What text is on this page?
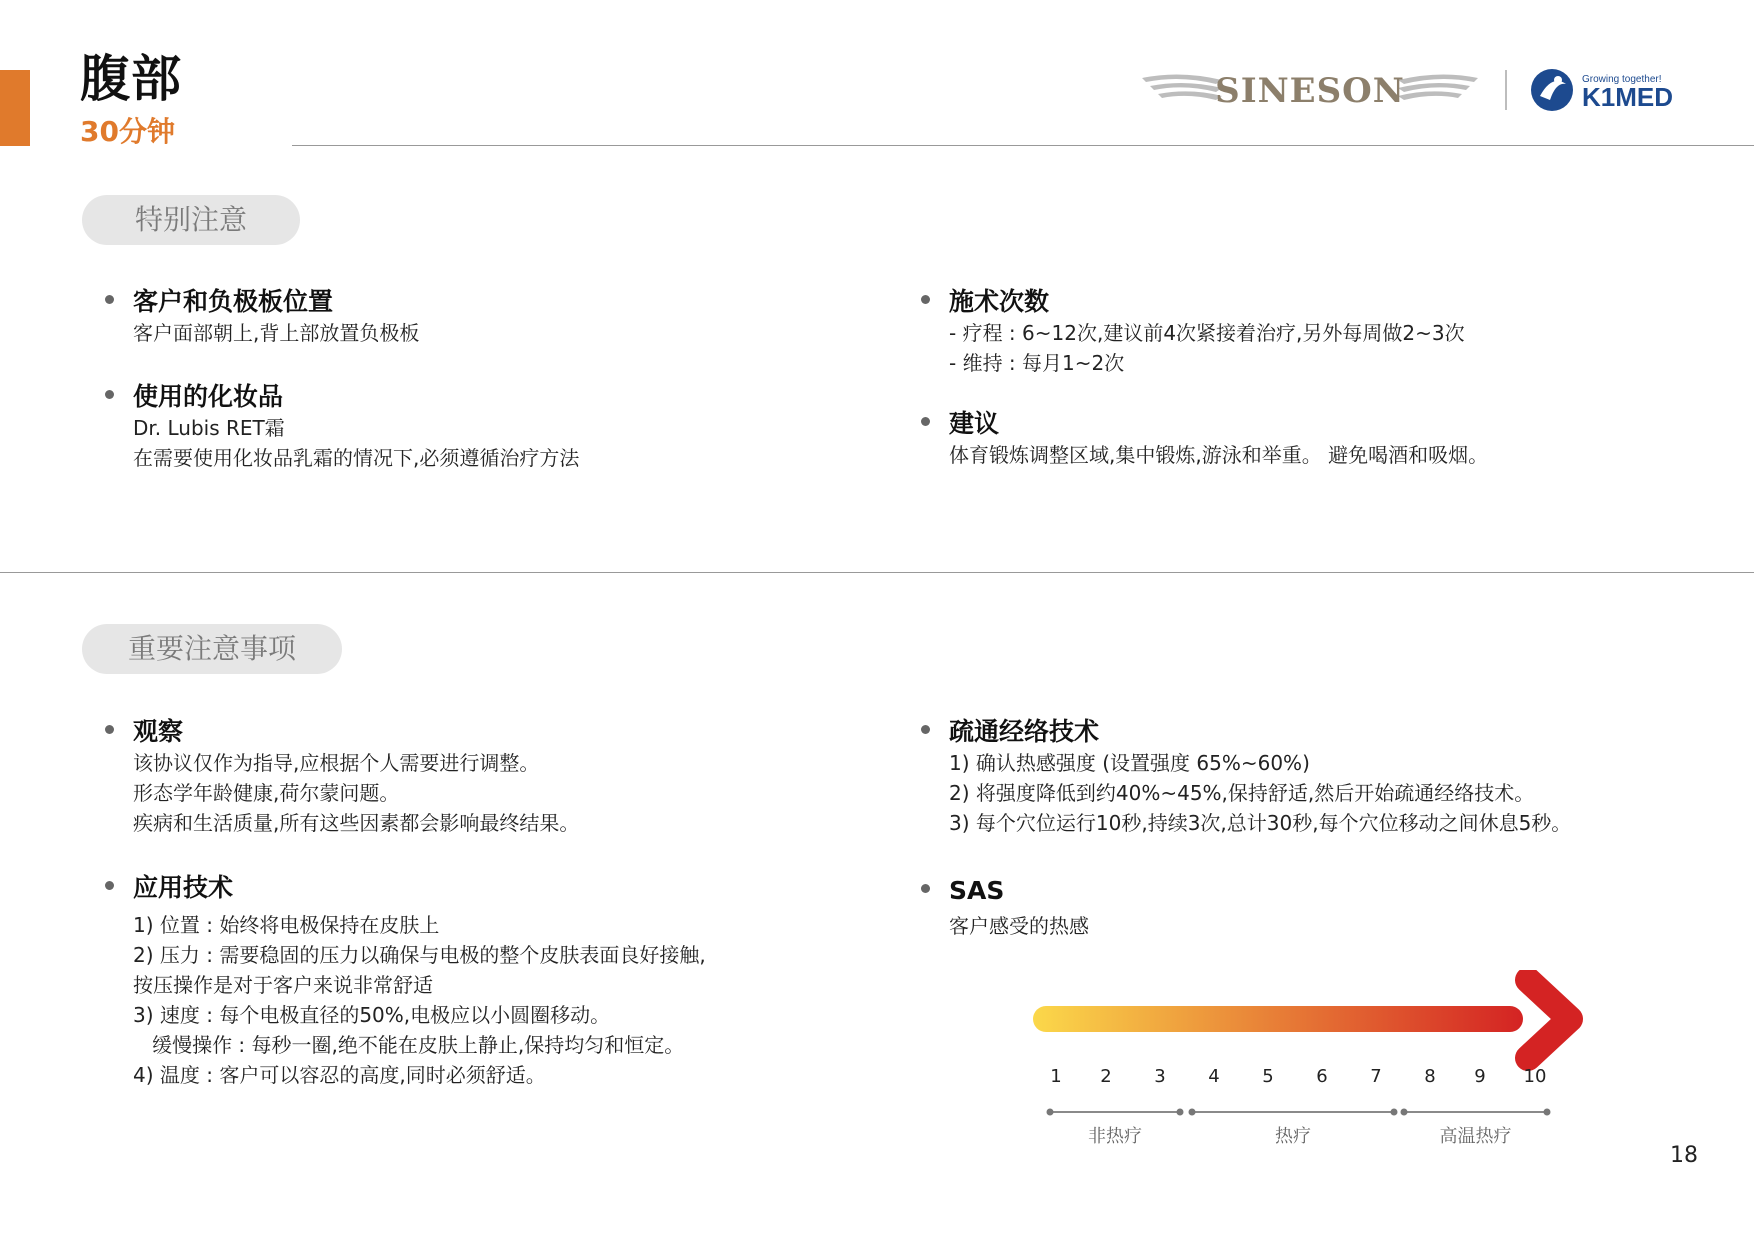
腹部
30分钟
SINESON	Growing together!
K1MED
特别注意
客户和负极板位置
客户面部朝上,背上部放置负极板
使用的化妆品
Dr. Lubis RET霜
在需要使用化妆品乳霜的情况下,必须遵循治疗方法
施术次数
- 疗程 : 6~12次,建议前4次紧接着治疗,另外每周做2~3次
- 维持 : 每月1~2次
建议
体育锻炼调整区域,集中锻炼,游泳和举重。 避免喝酒和吸烟。
重要注意事项
观察
该协议仅作为指导,应根据个人需要进行调整。
形态学年龄健康,荷尔蒙问题。
疾病和生活质量,所有这些因素都会影响最终结果。
应用技术
1) 位置 : 始终将电极保持在皮肤上
2) 压力 : 需要稳固的压力以确保与电极的整个皮肤表面良好接触,
按压操作是对于客户来说非常舒适
3) 速度 : 每个电极直径的50%,电极应以小圆圈移动。
缓慢操作 : 每秒一圈,绝不能在皮肤上静止,保持均匀和恒定。
4) 温度 : 客户可以容忍的高度,同时必须舒适。
疏通经络技术
1) 确认热感强度 (设置强度 65%~60%)
2) 将强度降低到约40%~45%,保持舒适,然后开始疏通经络技术。
3) 每个穴位运行10秒,持续3次,总计30秒,每个穴位移动之间休息5秒。
SAS
客户感受的热感
1 2 3 4 5 6 7 8 9 10
非热疗	热疗	高温热疗
18
